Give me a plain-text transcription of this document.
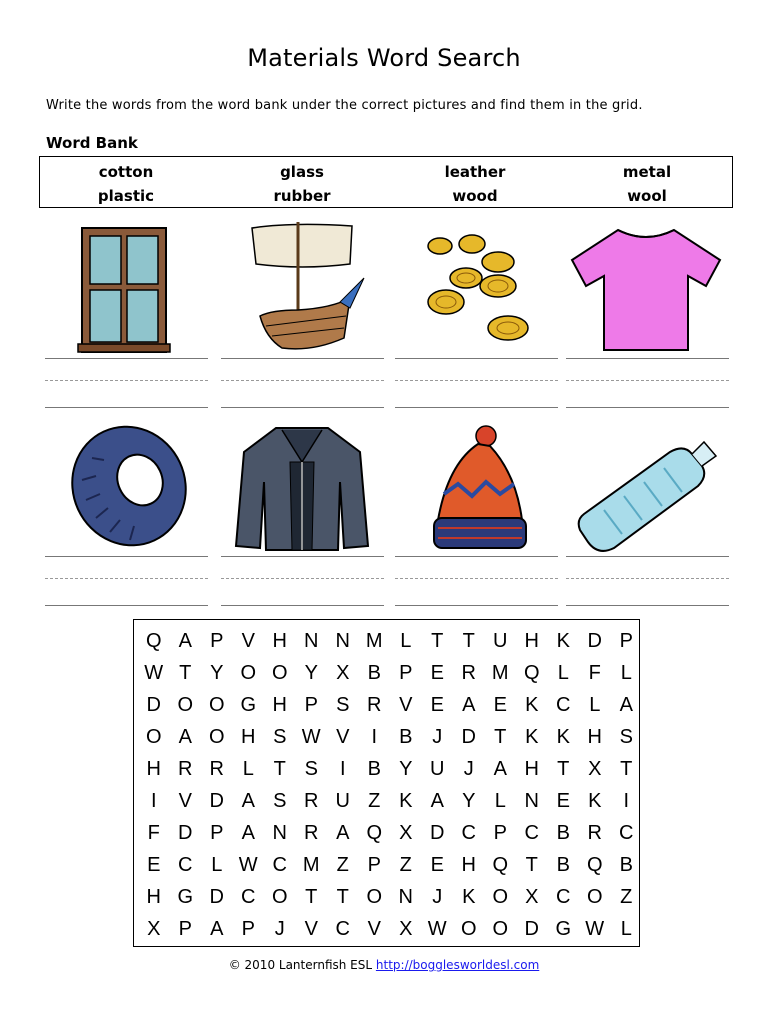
Materials Word Search
Write the words from the word bank under the correct pictures and find them in the grid.
Word Bank
cotton	glass	leather	metal
plastic	rubber	wood	wool
Q A P V H N N M L T T U H K D P
W T Y O O Y X B P E R M Q L F L
D O O G H P S R V E A E K C L A
O A O H S W V	I	B J D T K K H S
H R R L T S	I	B Y U J A H T X T
I	V D A S R U Z K A Y L N E K	I
F D P A N R A Q X D C P C B R C
E C L W C M Z P Z E H Q T B Q B
H G D C O T T O N J K O X C O Z
X P A P J V C V X W O O D G W L
© 2010 Lanternfish ESL http://bogglesworldesl.com
